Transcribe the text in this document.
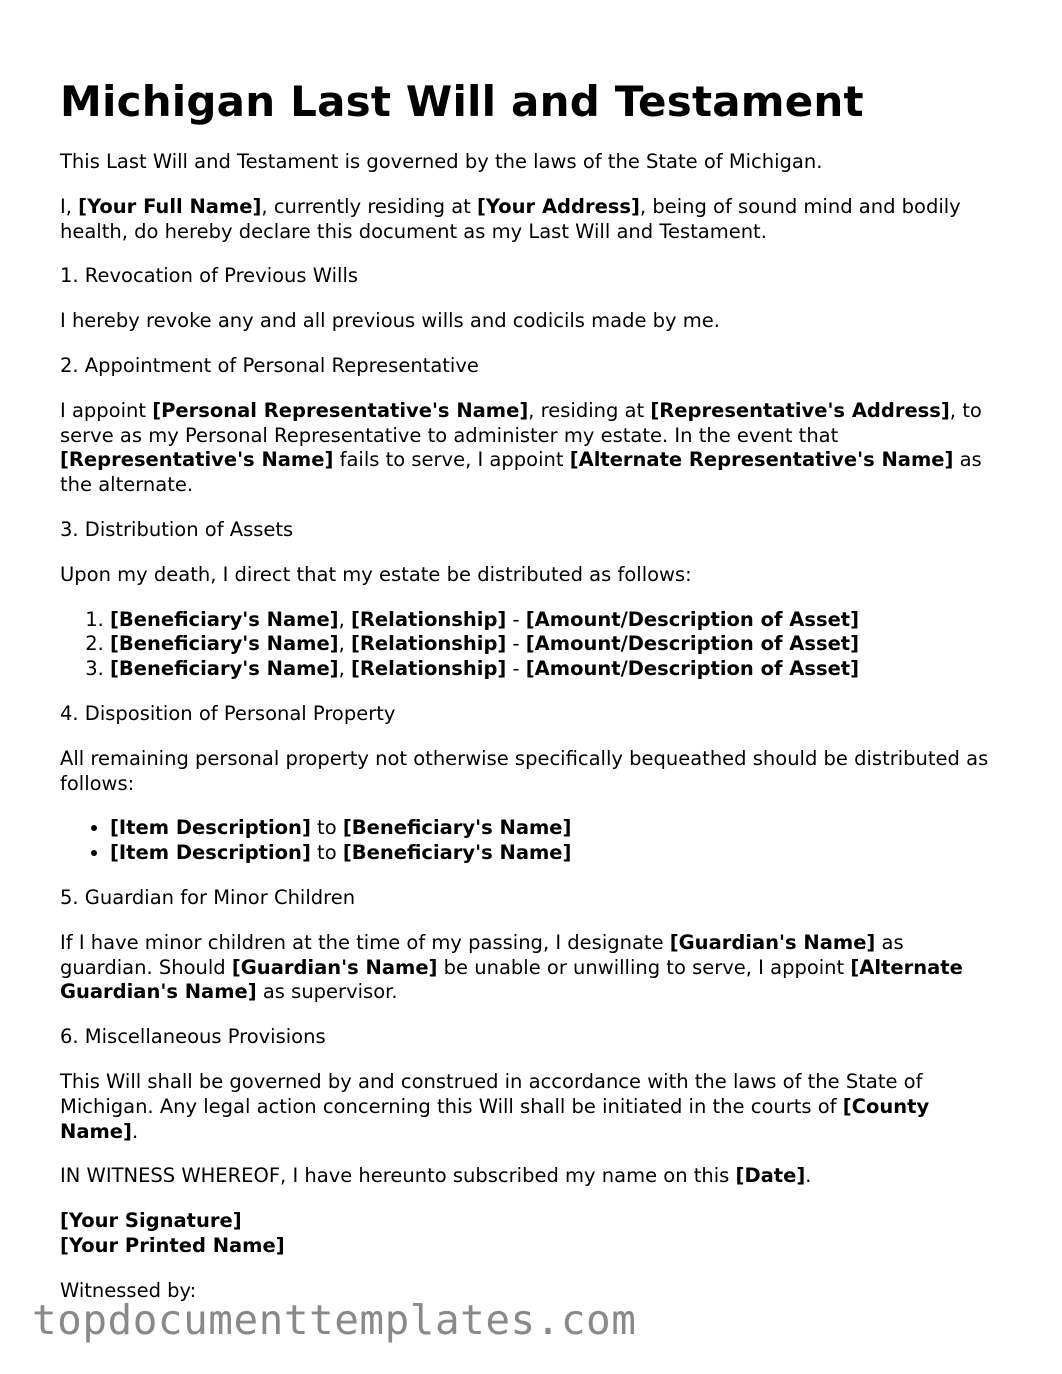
Michigan Last Will and Testament

This Last Will and Testament is governed by the laws of the State of Michigan.

I, [Your Full Name], currently residing at [Your Address], being of sound mind and bodily health, do hereby declare this document as my Last Will and Testament.

1. Revocation of Previous Wills

I hereby revoke any and all previous wills and codicils made by me.

2. Appointment of Personal Representative

I appoint [Personal Representative's Name], residing at [Representative's Address], to serve as my Personal Representative to administer my estate. In the event that [Representative's Name] fails to serve, I appoint [Alternate Representative's Name] as the alternate.

3. Distribution of Assets

Upon my death, I direct that my estate be distributed as follows:

1. [Beneficiary's Name], [Relationship] - [Amount/Description of Asset]
2. [Beneficiary's Name], [Relationship] - [Amount/Description of Asset]
3. [Beneficiary's Name], [Relationship] - [Amount/Description of Asset]

4. Disposition of Personal Property

All remaining personal property not otherwise specifically bequeathed should be distributed as follows:

• [Item Description] to [Beneficiary's Name]
• [Item Description] to [Beneficiary's Name]

5. Guardian for Minor Children

If I have minor children at the time of my passing, I designate [Guardian's Name] as guardian. Should [Guardian's Name] be unable or unwilling to serve, I appoint [Alternate Guardian's Name] as supervisor.

6. Miscellaneous Provisions

This Will shall be governed by and construed in accordance with the laws of the State of Michigan. Any legal action concerning this Will shall be initiated in the courts of [County Name].

IN WITNESS WHEREOF, I have hereunto subscribed my name on this [Date].

[Your Signature]
[Your Printed Name]

Witnessed by:

topdocumenttemplates.com
